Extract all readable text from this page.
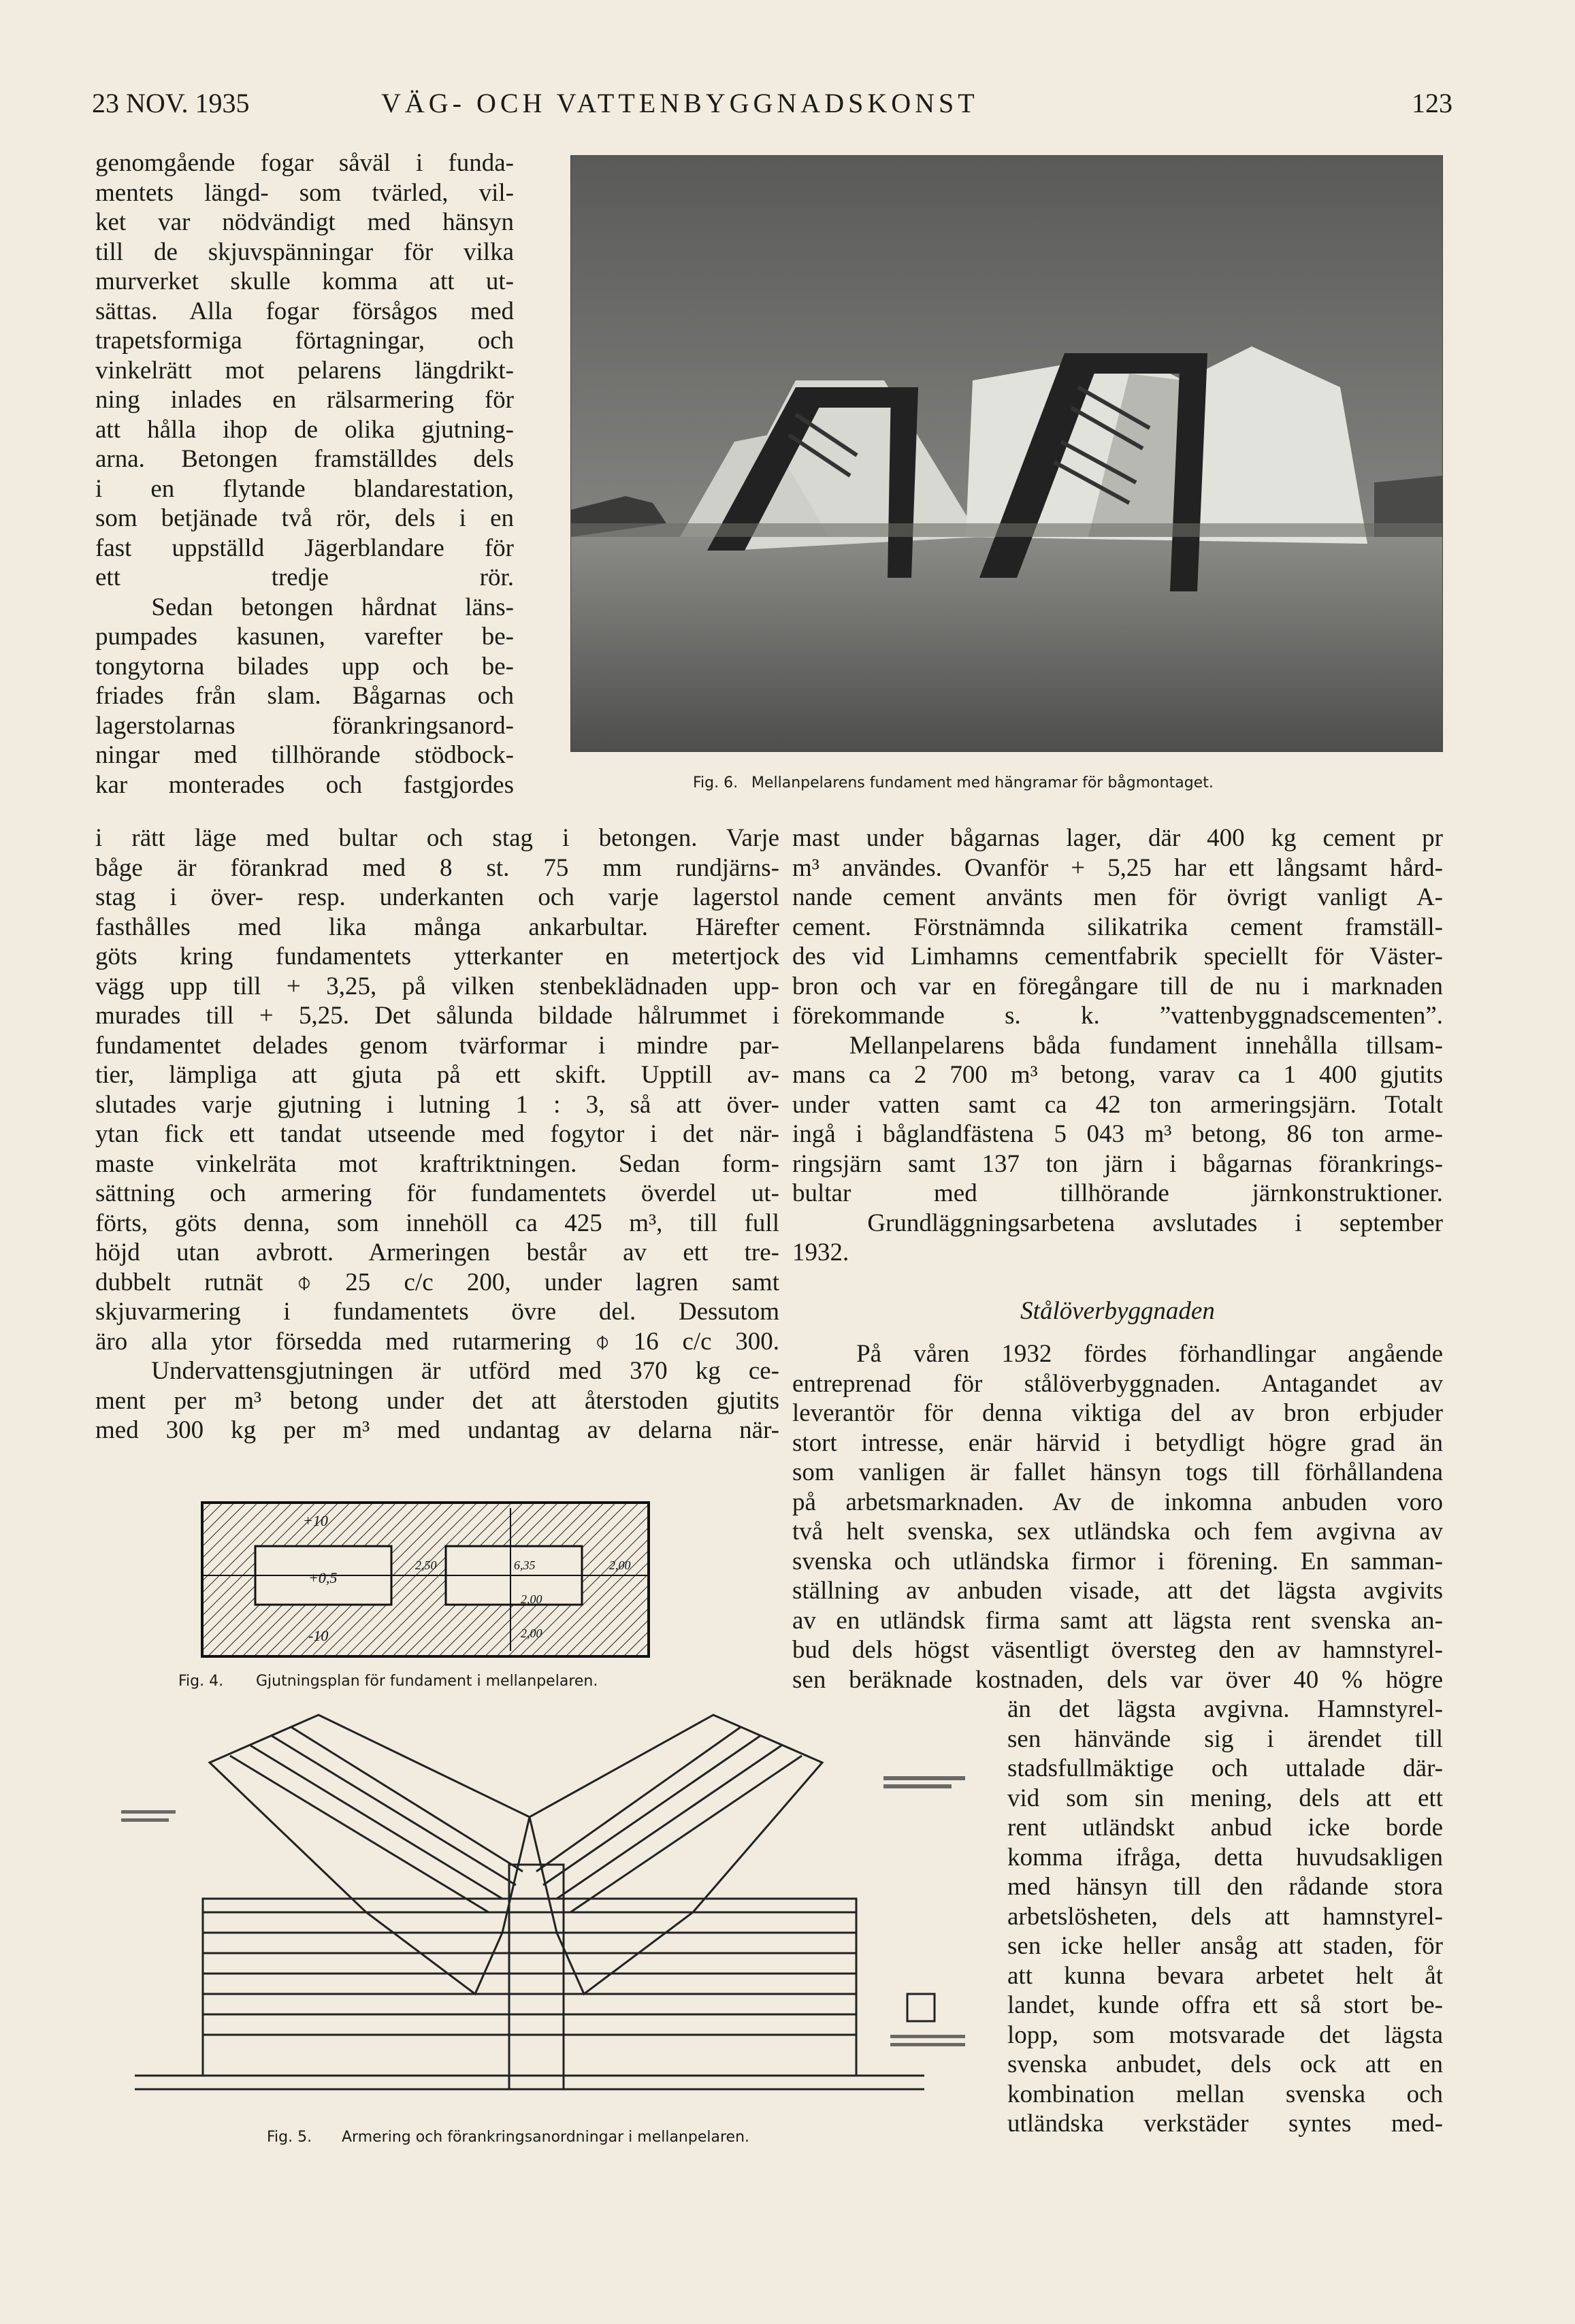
23 NOV. 1935	VÄG- OCH VATTENBYGGNADSKONST	123
genomgående fogar såväl i funda-
mentets längd- som tvärled, vil-
ket var nödvändigt med hänsyn
till de skjuvspänningar för vilka
murverket skulle komma att ut-
sättas. Alla fogar försågos med
trapetsformiga förtagningar, och
vinkelrätt mot pelarens längdrikt-
ning inlades en rälsarmering för
att hålla ihop de olika gjutning-
arna. Betongen framställdes dels
i en flytande blandarestation,
som betjänade två rör, dels i en
fast uppställd Jägerblandare för
ett tredje rör.
Sedan betongen hårdnat läns-
pumpades kasunen, varefter be-
tongytorna bilades upp och be-
friades från slam. Bågarnas och
lagerstolarnas förankringsanord-
ningar med tillhörande stödbock-
kar monterades och fastgjordes
i rätt läge med bultar och stag i betongen. Varje
båge är förankrad med 8 st. 75 mm rundjärns-
stag i över- resp. underkanten och varje lagerstol
fasthålles med lika många ankarbultar. Härefter
göts kring fundamentets ytterkanter en metertjock
vägg upp till + 3,25, på vilken stenbeklädnaden upp-
murades till + 5,25. Det sålunda bildade hålrummet i
fundamentet delades genom tvärformar i mindre par-
tier, lämpliga att gjuta på ett skift. Upptill av-
slutades varje gjutning i lutning 1 : 3, så att över-
ytan fick ett tandat utseende med fogytor i det när-
maste vinkelräta mot kraftriktningen. Sedan form-
sättning och armering för fundamentets överdel ut-
förts, göts denna, som innehöll ca 425 m³, till full
höjd utan avbrott. Armeringen består av ett tre-
dubbelt rutnät ⌽ 25 c/c 200, under lagren samt
skjuvarmering i fundamentets övre del. Dessutom
äro alla ytor försedda med rutarmering ⌽ 16 c/c 300.
Undervattensgjutningen är utförd med 370 kg ce-
ment per m³ betong under det att återstoden gjutits
med 300 kg per m³ med undantag av delarna när-
mast under bågarnas lager, där 400 kg cement pr
m³ användes. Ovanför + 5,25 har ett långsamt hård-
nande cement använts men för övrigt vanligt A-
cement. Förstnämnda silikatrika cement framställ-
des vid Limhamns cementfabrik speciellt för Väster-
bron och var en föregångare till de nu i marknaden
förekommande s. k. ”vattenbyggnadscementen”.
Mellanpelarens båda fundament innehålla tillsam-
mans ca 2 700 m³ betong, varav ca 1 400 gjutits
under vatten samt ca 42 ton armeringsjärn. Totalt
ingå i båglandfästena 5 043 m³ betong, 86 ton arme-
ringsjärn samt 137 ton järn i bågarnas förankrings-
bultar med tillhörande järnkonstruktioner.
Grundläggningsarbetena avslutades i september
1932.
Stålöverbyggnaden
På våren 1932 fördes förhandlingar angående
entreprenad för stålöverbyggnaden. Antagandet av
leverantör för denna viktiga del av bron erbjuder
stort intresse, enär härvid i betydligt högre grad än
som vanligen är fallet hänsyn togs till förhållandena
på arbetsmarknaden. Av de inkomna anbuden voro
två helt svenska, sex utländska och fem avgivna av
svenska och utländska firmor i förening. En samman-
ställning av anbuden visade, att det lägsta avgivits
av en utländsk firma samt att lägsta rent svenska an-
bud dels högst väsentligt översteg den av hamnstyrel-
sen beräknade kostnaden, dels var över 40 % högre
än det lägsta avgivna. Hamnstyrel-
sen hänvände sig i ärendet till
stadsfullmäktige och uttalade där-
vid som sin mening, dels att ett
rent utländskt anbud icke borde
komma ifråga, detta huvudsakligen
med hänsyn till den rådande stora
arbetslösheten, dels att hamnstyrel-
sen icke heller ansåg att staden, för
att kunna bevara arbetet helt åt
landet, kunde offra ett så stort be-
lopp, som motsvarade det lägsta
svenska anbudet, dels ock att en
kombination mellan svenska och
utländska verkstäder syntes med-
Fig. 6. Mellanpelarens fundament med hängramar för bågmontaget.
+10
+0,5
-10
2,50	6,35	2,00
2,00
2,00
Fig. 4. Gjutningsplan för fundament i mellanpelaren.
Fig. 5. Armering och förankringsanordningar i mellanpelaren.
